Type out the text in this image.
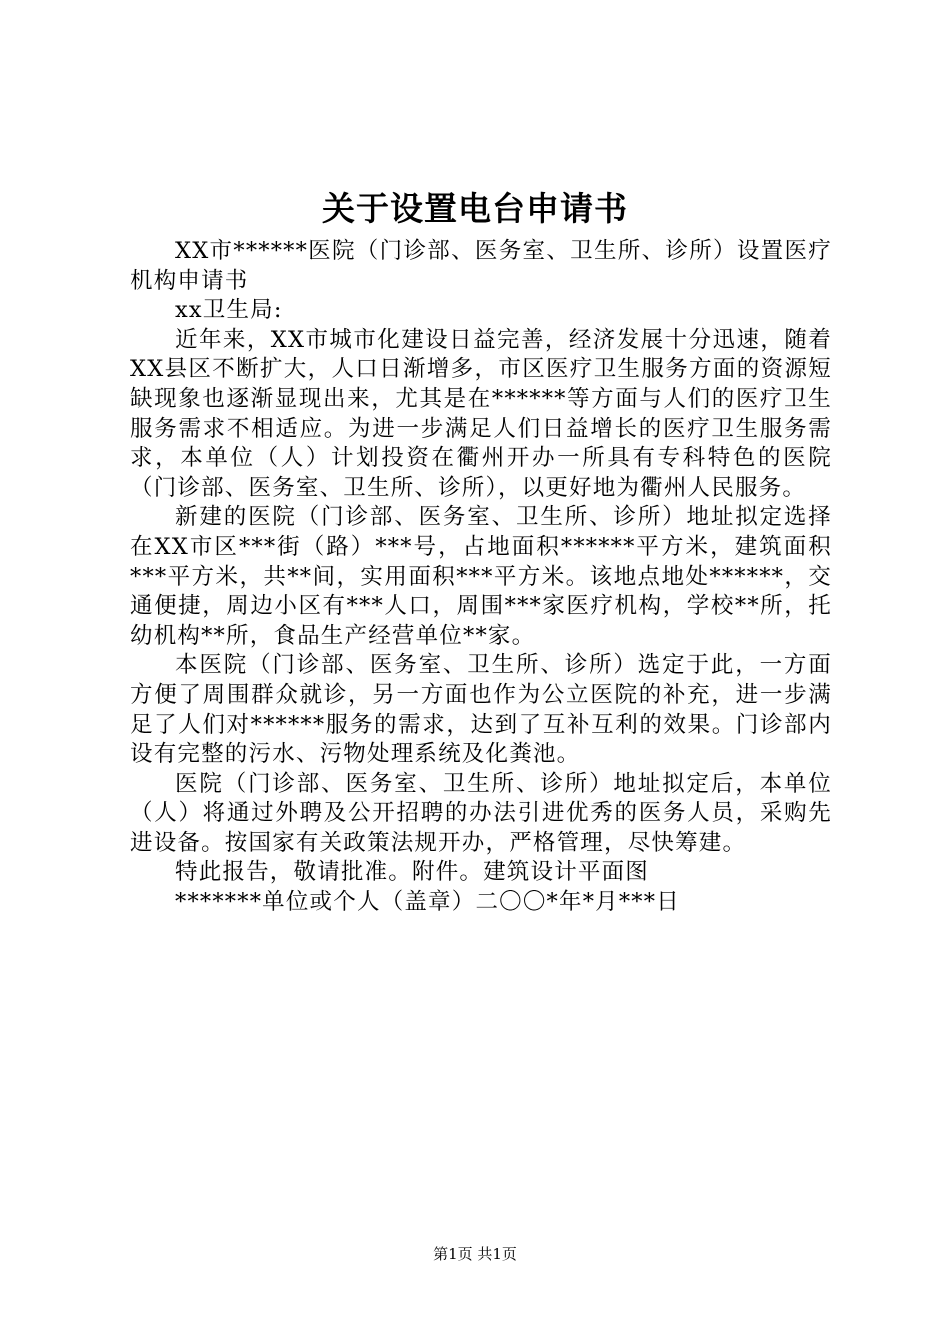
关于设置电台申请书

XX市******医院（门诊部、医务室、卫生所、诊所）设置医疗机构申请书

xx卫生局:

近年来，XX市城市化建设日益完善，经济发展十分迅速，随着XX县区不断扩大，人口日渐增多，市区医疗卫生服务方面的资源短缺现象也逐渐显现出来，尤其是在******等方面与人们的医疗卫生服务需求不相适应。为进一步满足人们日益增长的医疗卫生服务需求，本单位（人）计划投资在衢州开办一所具有专科特色的医院（门诊部、医务室、卫生所、诊所），以更好地为衢州人民服务。

新建的医院（门诊部、医务室、卫生所、诊所）地址拟定选择在XX市区***街（路）***号，占地面积******平方米，建筑面积***平方米，共**间，实用面积***平方米。该地点地处******，交通便捷，周边小区有***人口，周围***家医疗机构，学校**所，托幼机构**所，食品生产经营单位**家。

本医院（门诊部、医务室、卫生所、诊所）选定于此，一方面方便了周围群众就诊，另一方面也作为公立医院的补充，进一步满足了人们对******服务的需求，达到了互补互利的效果。门诊部内设有完整的污水、污物处理系统及化粪池。

医院（门诊部、医务室、卫生所、诊所）地址拟定后，本单位（人）将通过外聘及公开招聘的办法引进优秀的医务人员，采购先进设备。按国家有关政策法规开办，严格管理，尽快筹建。

特此报告，敬请批准。附件。建筑设计平面图

*******单位或个人（盖章）二〇〇*年*月***日

第1页 共1页
